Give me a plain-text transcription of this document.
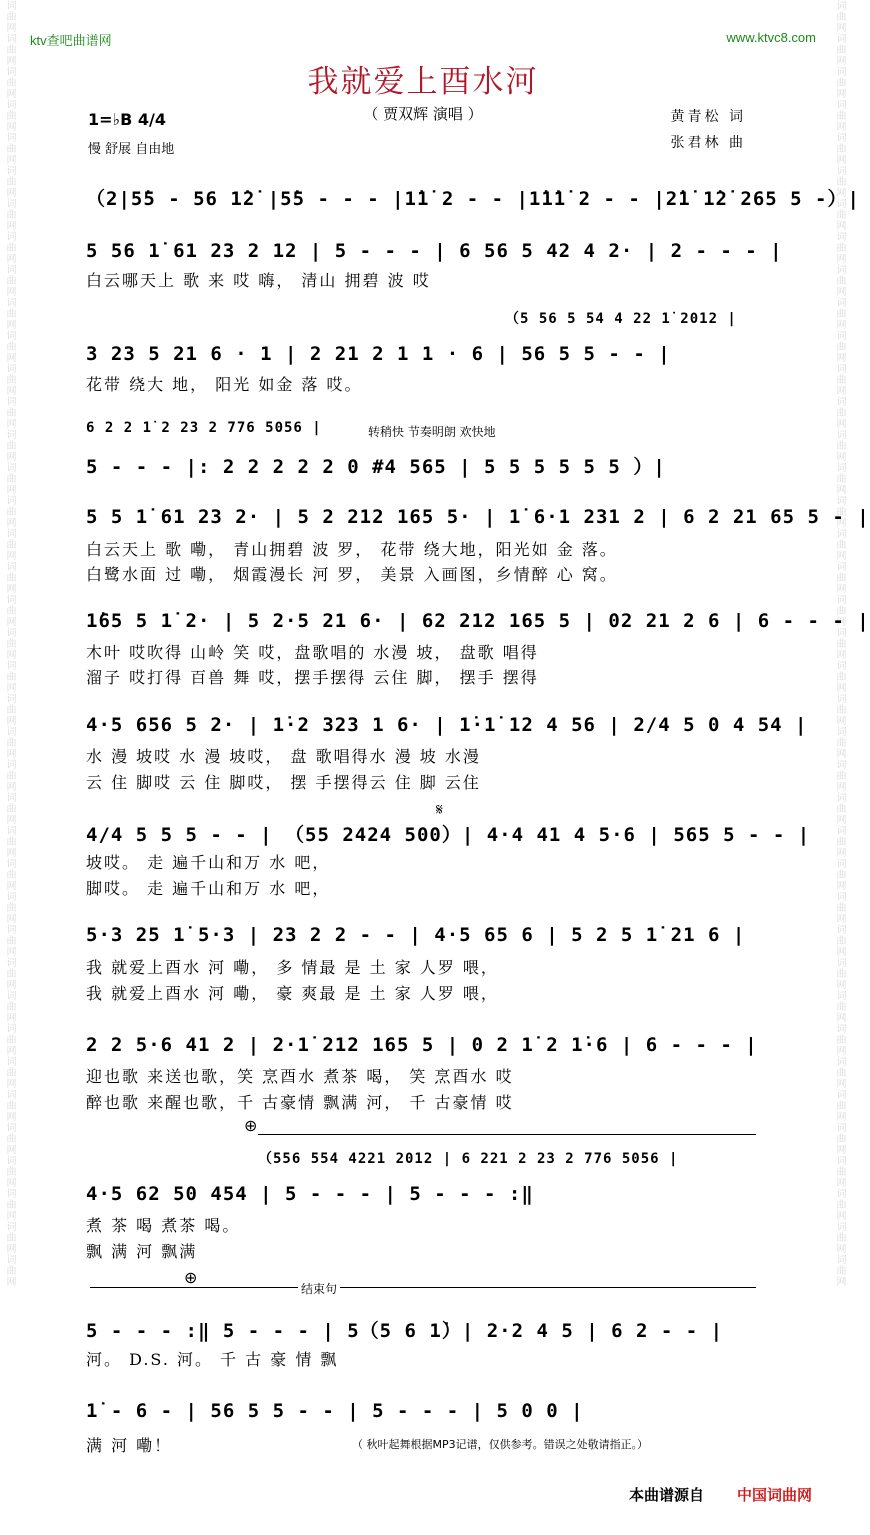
词曲网词曲网词曲网词曲网词曲网词曲网词曲网词曲网词曲网词曲网词曲网词曲网词曲网词曲网词曲网词曲网词曲网词曲网词曲网词曲网词曲网词曲网词曲网词曲网词曲网词曲网词曲网词曲网词曲网词曲网词曲网词曲网词曲网词曲网词曲网词曲网词曲网词曲网词曲网	词曲网词曲网词曲网词曲网词曲网词曲网词曲网词曲网词曲网词曲网词曲网词曲网词曲网词曲网词曲网词曲网词曲网词曲网词曲网词曲网词曲网词曲网词曲网词曲网词曲网词曲网词曲网词曲网词曲网词曲网词曲网词曲网词曲网词曲网词曲网词曲网词曲网词曲网词曲网
ktv查吧曲谱网	www.ktvc8.com
我就爱上酉水河
（ 贾双辉 演唱 ）
1=♭B 4/4
慢 舒展 自由地
黄青松 词
张君林 曲
（2|5̇5 - 56 1̇2̇ |5̇5 - - - |1̇1̇ 2 - - |1̇1̇1̇ 2 - - |2̇1̇ 1̇2̇ 265 5 -）|
5 56 1̇ 61 23 2 12 | 5 - - - | 6 56 5 42 4 2· | 2 - - - |
白云哪天上 歌 来 哎 嗨， 清山 拥碧 波 哎
（5 56 5 54 4 22 1̇ 2012 |
3 23 5 21 6 · 1 | 2 21 2 1 1 · 6 | 56 5 5 - - |
花带 绕大 地， 阳光 如金 落 哎。
6 2 2 1̇ 2 23 2 776 5056 |	转稍快 节奏明朗 欢快地
5 - - - |: 2 2 2 2 2 0 #4 565 | 5 5 5 5 5 5 ）|
5 5 1̇ 61 23 2· | 5 2 212 165 5· | 1̇ 6·1 231 2 | 6 2 21 65 5 - |
白云天上 歌 嘞， 青山拥碧 波 罗， 花带 绕大地，阳光如 金 落。
白鹭水面 过 嘞， 烟霞漫长 河 罗， 美景 入画图，乡情醉 心 窝。
1̇65 5 1̇ 2· | 5 2·5 21 6· | 62 212 165 5 | 02 21 2 6 | 6 - - - |
木叶 哎吹得 山岭 笑 哎，盘歌唱的 水漫 坡， 盘歌 唱得
溜子 哎打得 百兽 舞 哎，摆手摆得 云住 脚， 摆手 摆得
4·5 656 5 2· | 1̇·2 323 1 6· | 1̇·1̇ 12 4 56 | 2/4 5 0 4 54 |
水 漫 坡哎 水 漫 坡哎， 盘 歌唱得水 漫 坡 水漫
云 住 脚哎 云 住 脚哎， 摆 手摆得云 住 脚 云住
𝄋
4/4 5 5 5 - - | （55 2424 500）| 4·4 41 4 5·6 | 565 5 - - |
坡哎。 走 遍千山和万 水 吧，
脚哎。 走 遍千山和万 水 吧，
5·3 25 1̇ 5·3 | 23 2 2 - - | 4·5 65 6 | 5 2 5 1̇ 21 6 |
我 就爱上酉水 河 嘞， 多 情最 是 土 家 人罗 喂，
我 就爱上酉水 河 嘞， 豪 爽最 是 土 家 人罗 喂，
2 2 5·6 41 2 | 2·1̇ 212 165 5 | 0 2 1̇ 2 1̇·6 | 6 - - - |
迎也歌 来送也歌，笑 烹酉水 煮茶 喝， 笑 烹酉水 哎
醉也歌 来醒也歌，千 古豪情 飘满 河， 千 古豪情 哎
⊕
（556 554 4221 2012 | 6 221 2 23 2 776 5056 |
4·5 62 50 454 | 5 - - - | 5 - - - :‖
煮 茶 喝 煮茶 喝。
飘 满 河 飘满
⊕
结束句
5 - - - :‖ 5 - - - | 5（5 6 1̇）| 2·2 4 5 | 6 2 - - |
河。 D.S. 河。 千 古 豪 情 飘
1̇ - 6 - | 56 5 5 - - | 5 - - - | 5 0 0 |
满 河 嘞！	（ 秋叶起舞根据MP3记谱，仅供参考。错误之处敬请指正。）
本曲谱源自 中国词曲网
